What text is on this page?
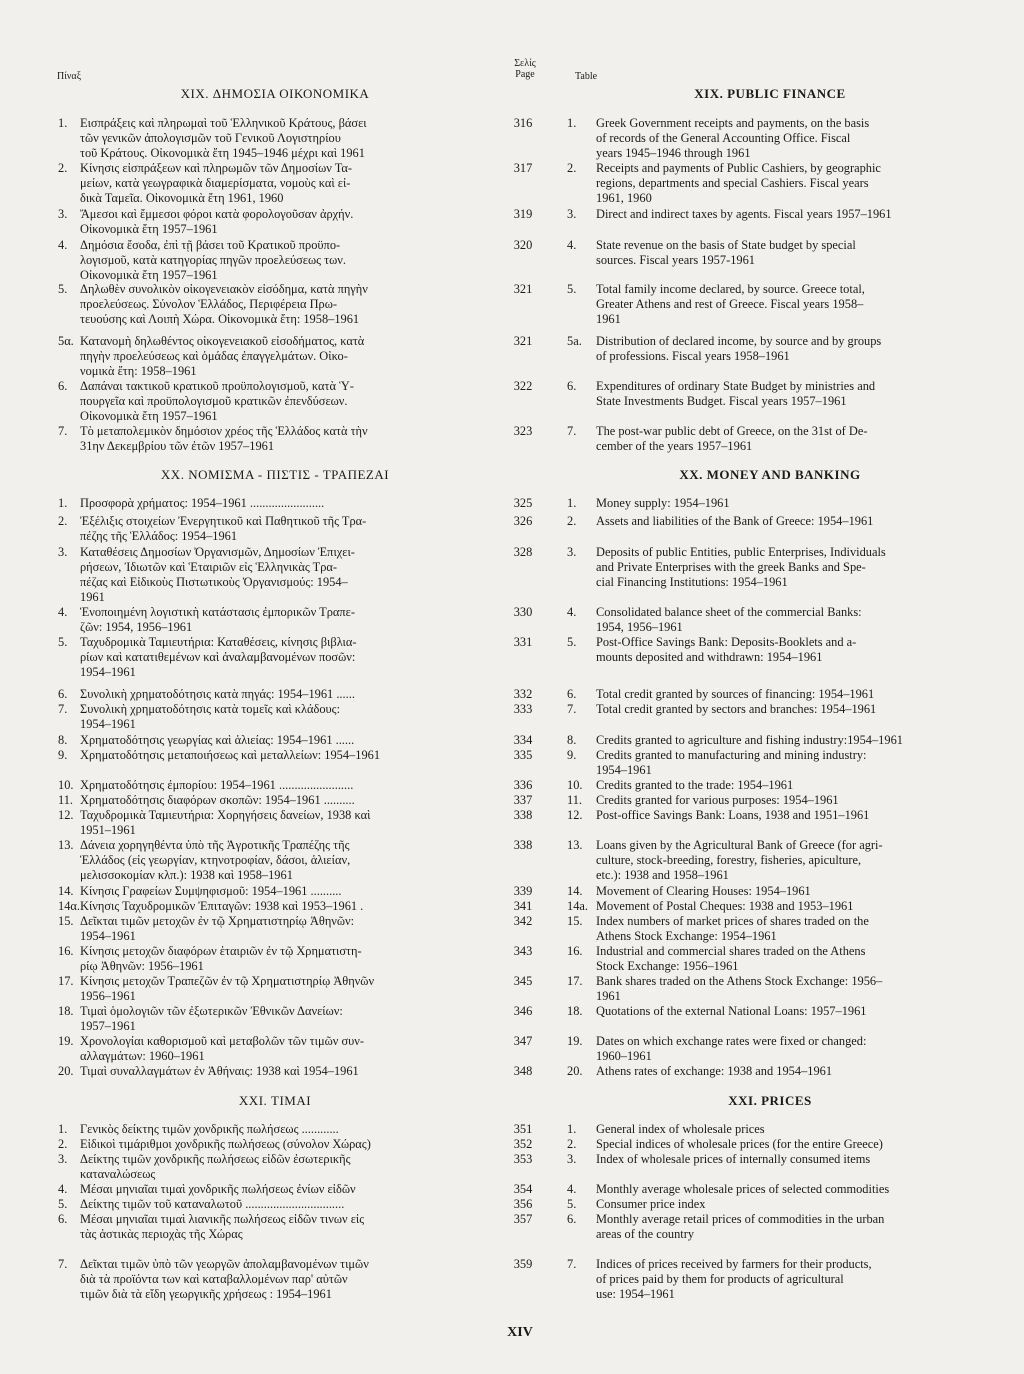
Πίναξ
Σελίς
Page	Table
XIX. ΔΗΜΟΣΙΑ ΟΙΚΟΝΟΜΙΚΑ	XIX. PUBLIC FINANCE
1.	Εισπράξεις καὶ πληρωμαὶ τοῦ Ἑλληνικοῦ Κράτους, βάσει
τῶν γενικῶν ἀπολογισμῶν τοῦ Γενικοῦ Λογιστηρίου
τοῦ Κράτους. Οἰκονομικὰ ἔτη 1945–1946 μέχρι καὶ 1961
316	1.	Greek Government receipts and payments, on the basis
of records of the General Accounting Office. Fiscal
years 1945–1946 through 1961
2.	Κίνησις εἰσπράξεων καὶ πληρωμῶν τῶν Δημοσίων Τα-
μείων, κατὰ γεωγραφικὰ διαμερίσματα, νομοὺς καὶ εἰ-
δικὰ Ταμεῖα. Οἰκονομικὰ ἔτη 1961, 1960
317	2.	Receipts and payments of Public Cashiers, by geographic
regions, departments and special Cashiers. Fiscal years
1961, 1960
3.	Ἄμεσοι καὶ ἔμμεσοι φόροι κατὰ φορολογοῦσαν ἀρχήν.
Οἰκονομικὰ ἔτη 1957–1961
319	3.	Direct and indirect taxes by agents. Fiscal years 1957–1961
4.	Δημόσια ἔσοδα, ἐπὶ τῇ βάσει τοῦ Κρατικοῦ προϋπο-
λογισμοῦ, κατὰ κατηγορίας πηγῶν προελεύσεως των.
Οἰκονομικὰ ἔτη 1957–1961
320	4.	State revenue on the basis of State budget by special
sources. Fiscal years 1957-1961
5.	Δηλωθὲν συνολικὸν οἰκογενειακὸν εἰσόδημα, κατὰ πηγὴν
προελεύσεως. Σύνολον Ἑλλάδος, Περιφέρεια Πρω-
τευούσης καὶ Λοιπὴ Χώρα. Οἰκονομικὰ ἔτη: 1958–1961
321	5.	Total family income declared, by source. Greece total,
Greater Athens and rest of Greece. Fiscal years 1958–
1961
5α. Κατανομὴ δηλωθέντος οἰκογενειακοῦ εἰσοδήματος, κατὰ
πηγὴν προελεύσεως καὶ ὁμάδας ἐπαγγελμάτων. Οἰκο-
νομικὰ ἔτη: 1958–1961
321	5a.	Distribution of declared income, by source and by groups
of professions. Fiscal years 1958–1961
6.	Δαπάναι τακτικοῦ κρατικοῦ προϋπολογισμοῦ, κατὰ Ὑ-
πουργεῖα καὶ προϋπολογισμοῦ κρατικῶν ἐπενδύσεων.
Οἰκονομικὰ ἔτη 1957–1961
322	6.	Expenditures of ordinary State Budget by ministries and
State Investments Budget. Fiscal years 1957–1961
7.	Τὸ μεταπολεμικὸν δημόσιον χρέος τῆς Ἑλλάδος κατὰ τὴν
31ην Δεκεμβρίου τῶν ἐτῶν 1957–1961
323	7.	The post-war public debt of Greece, on the 31st of De-
cember of the years 1957–1961
XX. ΝΟΜΙΣΜΑ - ΠΙΣΤΙΣ - ΤΡΑΠΕΖΑΙ	XX. MONEY AND BANKING
1.	Προσφορὰ χρήματος: 1954–1961 ........................	325	1.	Money supply: 1954–1961
2.	Ἐξέλιξις στοιχείων Ἐνεργητικοῦ καὶ Παθητικοῦ τῆς Τρα-
πέζης τῆς Ἑλλάδος: 1954–1961
326	2.	Assets and liabilities of the Bank of Greece: 1954–1961
3.	Καταθέσεις Δημοσίων Ὀργανισμῶν, Δημοσίων Ἐπιχει-
ρήσεων, Ἰδιωτῶν καὶ Ἑταιριῶν εἰς Ἑλληνικὰς Τρα-
πέζας καὶ Εἰδικοὺς Πιστωτικοὺς Ὀργανισμούς: 1954–
1961
328	3.	Deposits of public Entities, public Enterprises, Individuals
and Private Enterprises with the greek Banks and Spe-
cial Financing Institutions: 1954–1961
4.	Ἑνοποιημένη λογιστικὴ κατάστασις ἐμπορικῶν Τραπε-
ζῶν: 1954, 1956–1961
330	4.	Consolidated balance sheet of the commercial Banks:
1954, 1956–1961
5.	Ταχυδρομικὰ Ταμιευτήρια: Καταθέσεις, κίνησις βιβλια-
ρίων καὶ κατατιθεμένων καὶ ἀναλαμβανομένων ποσῶν:
1954–1961
331	5.	Post-Office Savings Bank: Deposits-Booklets and a-
mounts deposited and withdrawn: 1954–1961
6.	Συνολικὴ χρηματοδότησις κατὰ πηγάς: 1954–1961 ......	332	6.	Total credit granted by sources of financing: 1954–1961
7.	Συνολικὴ χρηματοδότησις κατὰ τομεῖς καὶ κλάδους:
1954–1961
333	7.	Total credit granted by sectors and branches: 1954–1961
8.	Χρηματοδότησις γεωργίας καὶ ἁλιείας: 1954–1961 ......	334	8.	Credits granted to agriculture and fishing industry:1954–1961
9.	Χρηματοδότησις μεταποιήσεως καὶ μεταλλείων: 1954–1961	335	9.	Credits granted to manufacturing and mining industry:
1954–1961
10. Χρηματοδότησις ἐμπορίου: 1954–1961 ........................	336	10.	Credits granted to the trade: 1954–1961
11. Χρηματοδότησις διαφόρων σκοπῶν: 1954–1961 ..........	337	11.	Credits granted for various purposes: 1954–1961
12. Ταχυδρομικὰ Ταμιευτήρια: Χορηγήσεις δανείων, 1938 καὶ
1951–1961
338	12.	Post-office Savings Bank: Loans, 1938 and 1951–1961
13. Δάνεια χορηγηθέντα ὑπὸ τῆς Ἀγροτικῆς Τραπέζης τῆς
Ἑλλάδος (εἰς γεωργίαν, κτηνοτροφίαν, δάσοι, ἁλιείαν,
μελισσοκομίαν κλπ.): 1938 καὶ 1958–1961
338	13.	Loans given by the Agricultural Bank of Greece (for agri-
culture, stock-breeding, forestry, fisheries, apiculture,
etc.): 1938 and 1958–1961
14. Κίνησις Γραφείων Συμψηφισμοῦ: 1954–1961 ..........	339	14.	Movement of Clearing Houses: 1954–1961
14α. Κίνησις Ταχυδρομικῶν Ἐπιταγῶν: 1938 καὶ 1953–1961 .	341	14a. Movement of Postal Cheques: 1938 and 1953–1961
15. Δεῖκται τιμῶν μετοχῶν ἐν τῷ Χρηματιστηρίῳ Ἀθηνῶν:
1954–1961
342	15.	Index numbers of market prices of shares traded on the
Athens Stock Exchange: 1954–1961
16. Κίνησις μετοχῶν διαφόρων ἑταιριῶν ἐν τῷ Χρηματιστη-
ρίῳ Ἀθηνῶν: 1956–1961
343	16.	Industrial and commercial shares traded on the Athens
Stock Exchange: 1956–1961
17. Κίνησις μετοχῶν Τραπεζῶν ἐν τῷ Χρηματιστηρίῳ Ἀθηνῶν
1956–1961
345	17.	Bank shares traded on the Athens Stock Exchange: 1956–
1961
18. Τιμαὶ ὁμολογιῶν τῶν ἐξωτερικῶν Ἐθνικῶν Δανείων:
1957–1961
346	18.	Quotations of the external National Loans: 1957–1961
19. Χρονολογίαι καθορισμοῦ καὶ μεταβολῶν τῶν τιμῶν συν-
αλλαγμάτων: 1960–1961
347	19.	Dates on which exchange rates were fixed or changed:
1960–1961
20. Τιμαὶ συναλλαγμάτων ἐν Ἀθήναις: 1938 καὶ 1954–1961	348	20.	Athens rates of exchange: 1938 and 1954–1961
XXI. ΤΙΜΑΙ	XXI. PRICES
1.	Γενικὸς δείκτης τιμῶν χονδρικῆς πωλήσεως ............	351	1.	General index of wholesale prices
2.	Εἰδικοὶ τιμάριθμοι χονδρικῆς πωλήσεως (σύνολον Χώρας)	352	2.	Special indices of wholesale prices (for the entire Greece)
3.	Δείκτης τιμῶν χονδρικῆς πωλήσεως εἰδῶν ἐσωτερικῆς
καταναλώσεως
353	3.	Index of wholesale prices of internally consumed items
4.	Μέσαι μηνιαῖαι τιμαὶ χονδρικῆς πωλήσεως ἐνίων εἰδῶν	354	4.	Monthly average wholesale prices of selected commodities
5.	Δείκτης τιμῶν τοῦ καταναλωτοῦ ................................	356	5.	Consumer price index
6.	Μέσαι μηνιαῖαι τιμαὶ λιανικῆς πωλήσεως εἰδῶν τινων εἰς
τὰς ἀστικὰς περιοχὰς τῆς Χώρας
357	6.	Monthly average retail prices of commodities in the urban
areas of the country
7.	Δεῖκται τιμῶν ὑπὸ τῶν γεωργῶν ἀπολαμβανομένων τιμῶν
διὰ τὰ προϊόντα των καὶ καταβαλλομένων παρ' αὐτῶν
τιμῶν διὰ τὰ εἴδη γεωργικῆς χρήσεως : 1954–1961
359	7.	Indices of prices received by farmers for their products,
of prices paid by them for products of agricultural
use: 1954–1961
XIV
